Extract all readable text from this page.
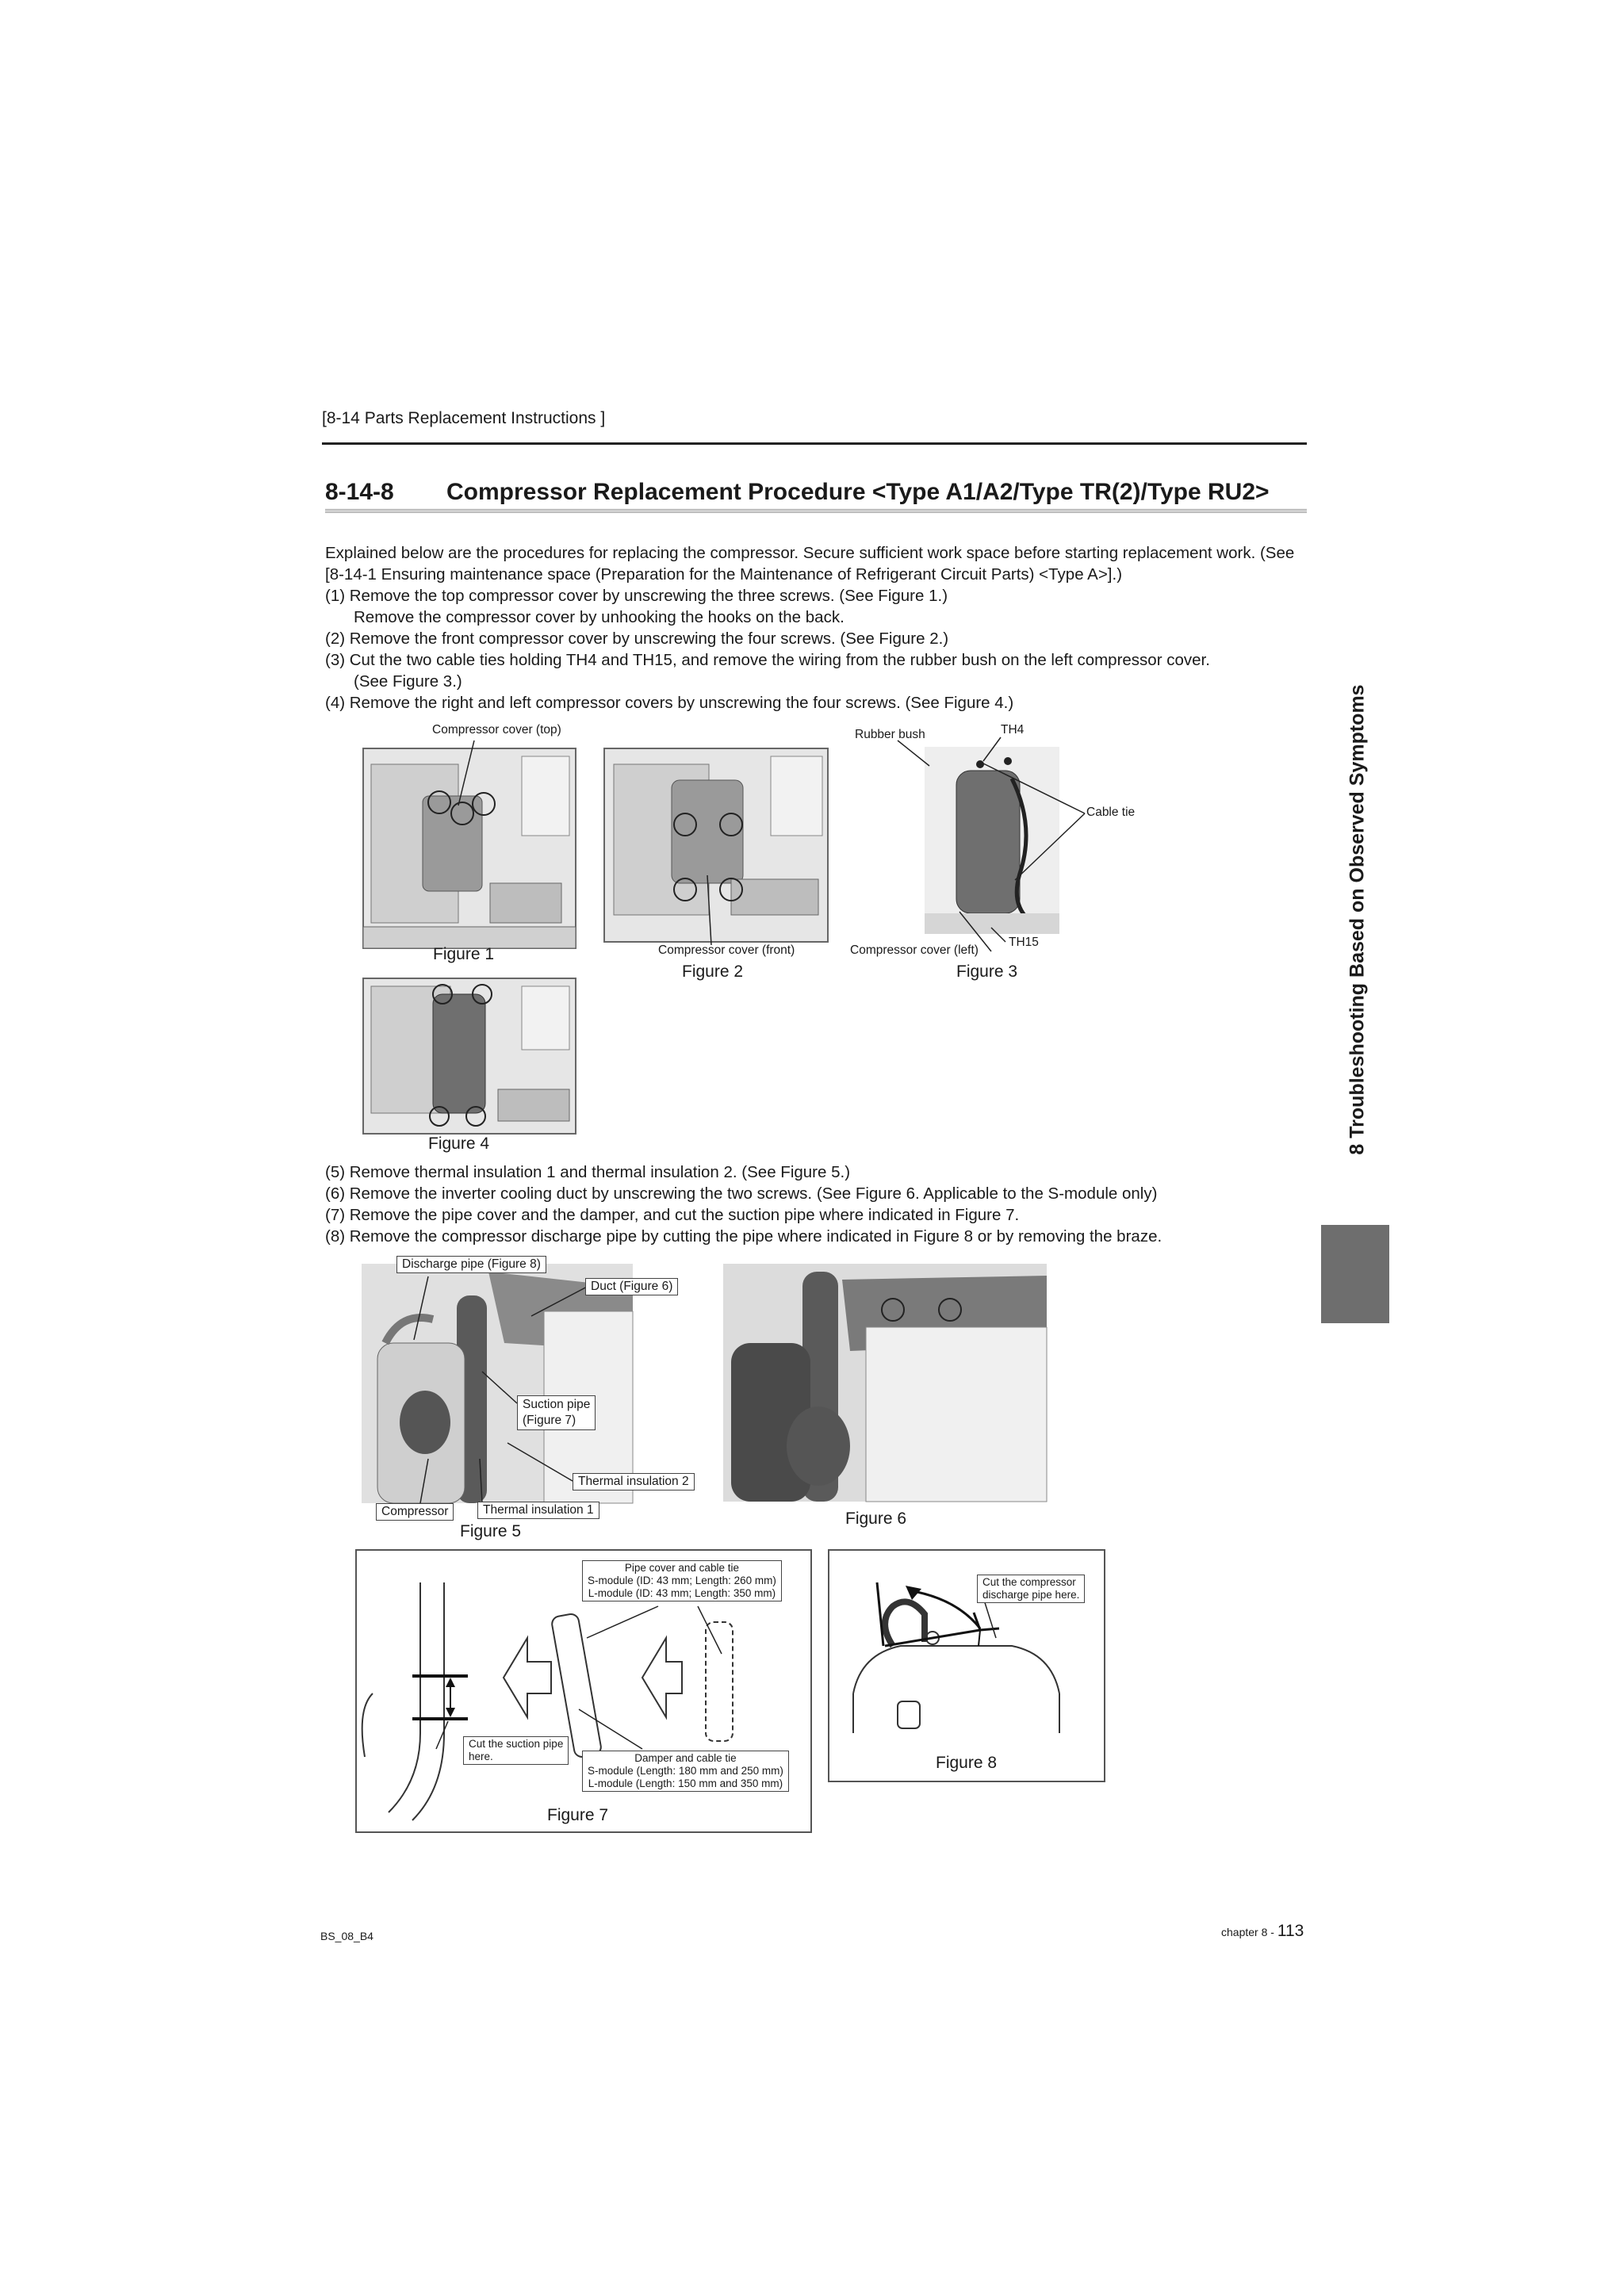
[8-14 Parts Replacement Instructions ]
8-14-8 Compressor Replacement Procedure <Type A1/A2/Type TR(2)/Type RU2>

Explained below are the procedures for replacing the compressor. Secure sufficient work space before starting replacement work. (See [8-14-1 Ensuring maintenance space (Preparation for the Maintenance of Refrigerant Circuit Parts) <Type A>].)

(1) Remove the top compressor cover by unscrewing the three screws. (See Figure 1.)

Remove the compressor cover by unhooking the hooks on the back.

(2) Remove the front compressor cover by unscrewing the four screws. (See Figure 2.)

(3) Cut the two cable ties holding TH4 and TH15, and remove the wiring from the rubber bush on the left compressor cover.

(See Figure 3.)

(4) Remove the right and left compressor covers by unscrewing the four screws. (See Figure 4.)

Compressor cover (top)
Figure 1	Compressor cover (front)
Figure 2
Rubber bush	TH4
Cable tie
Compressor cover (left)
TH15
Figure 3
Figure 4

(5) Remove thermal insulation 1 and thermal insulation 2. (See Figure 5.)

(6) Remove the inverter cooling duct by unscrewing the two screws. (See Figure 6. Applicable to the S-module only)

(7) Remove the pipe cover and the damper, and cut the suction pipe where indicated in Figure 7.

(8) Remove the compressor discharge pipe by cutting the pipe where indicated in Figure 8 or by removing the braze.

Discharge pipe (Figure 8)
Duct (Figure 6)
Suction pipe
(Figure 7)
Thermal insulation 2
Compressor	Thermal insulation 1
Figure 5
Figure 6
Pipe cover and cable tie
S-module (ID: 43 mm; Length: 260 mm)
L-module (ID: 43 mm; Length: 350 mm)
Cut the suction pipe
here.	Damper and cable tie
S-module (Length: 180 mm and 250 mm)
L-module (Length: 150 mm and 350 mm)
Figure 7
Cut the compressor
discharge pipe here.
Figure 8
8 Troubleshooting Based on Observed Symptoms
BS_08_B4	chapter 8 - 113
